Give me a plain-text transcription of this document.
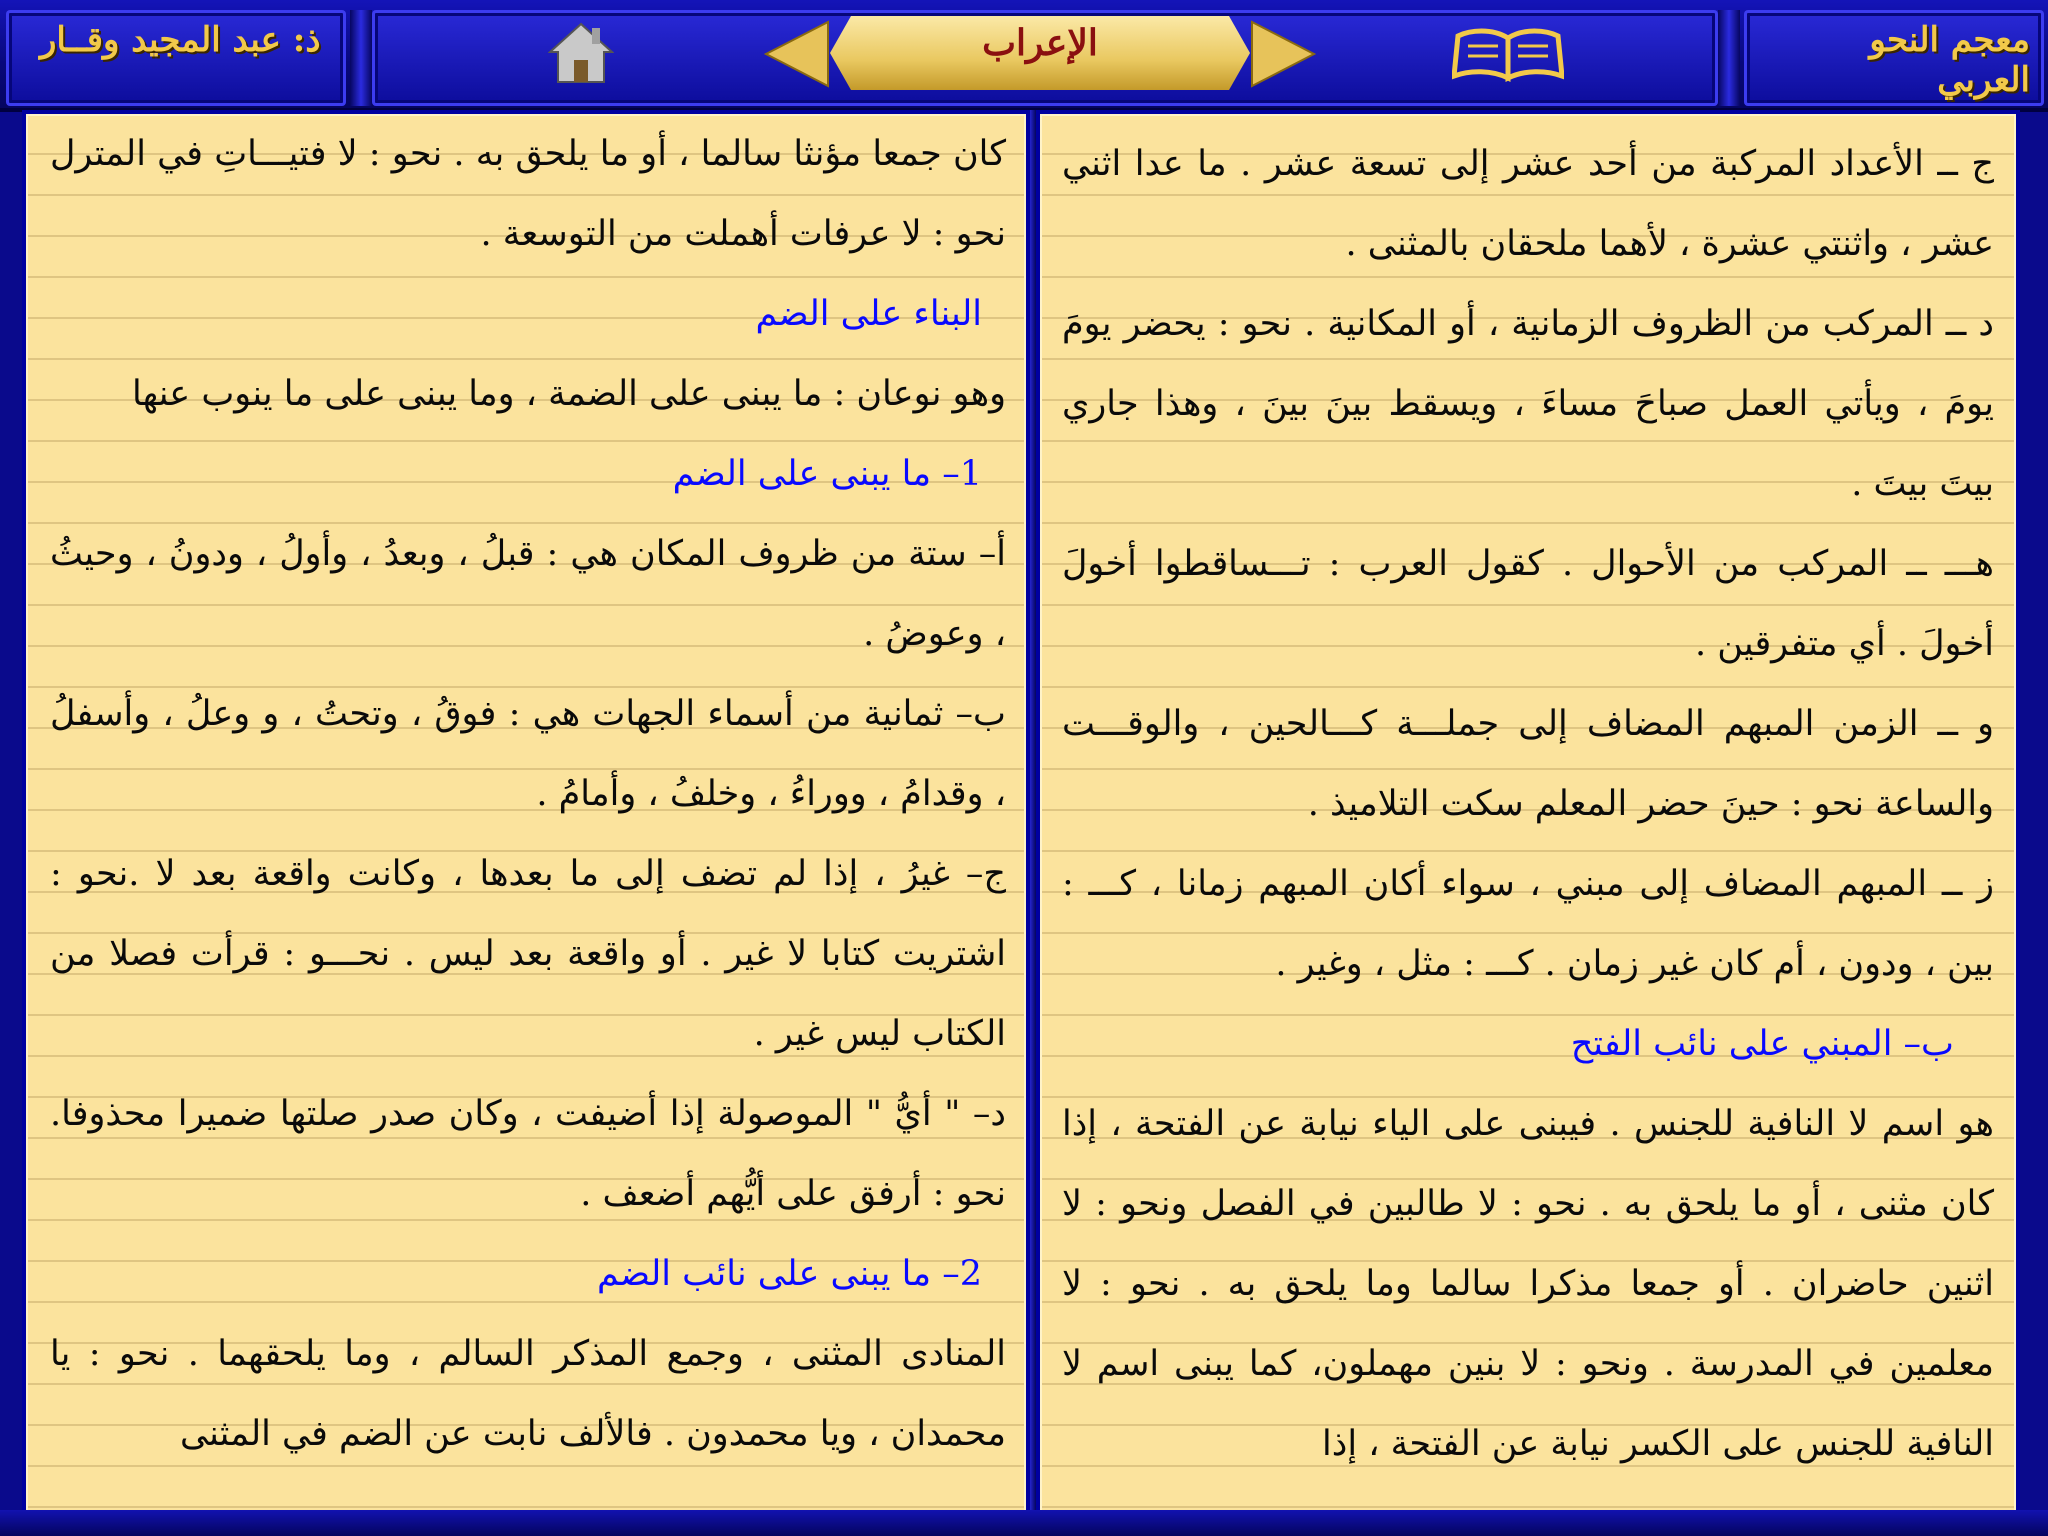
معجم النحو العربي
ذ: عبد المجيد وقــار	الإعراب

ج ــ الأعداد المركبة من أحد عشر إلى تسعة عشر . ما عدا اثني عشر ، واثنتي عشرة ، لأهما ملحقان بالمثنى .

د ــ المركب من الظروف الزمانية ، أو المكانية . نحو : يحضر يومَ يومَ ، ويأتي العمل صباحَ مساءَ ، ويسقط بينَ بينَ ، وهذا جاري بيتَ بيتَ .

هـــ ــ المركب من الأحوال . كقول العرب : تـــساقطوا أخولَ أخولَ . أي متفرقين .

و ــ الزمن المبهم المضاف إلى جملـــة كـــالحين ، والوقـــت والساعة نحو : حينَ حضر المعلم سكت التلاميذ .

ز ــ المبهم المضاف إلى مبني ، سواء أكان المبهم زمانا ، كـــ : بين ، ودون ، أم كان غير زمان . كـــ : مثل ، وغير .

ب– المبني على نائب الفتح

هو اسم لا النافية للجنس . فيبنى على الياء نيابة عن الفتحة ، إذا كان مثنى ، أو ما يلحق به . نحو : لا طالبين في الفصل ونحو : لا اثنين حاضران . أو جمعا مذكرا سالما وما يلحق به . نحو : لا معلمين في المدرسة . ونحو : لا بنين مهملون، كما يبنى اسم لا النافية للجنس على الكسر نيابة عن الفتحة ، إذا

كان جمعا مؤنثا سالما ، أو ما يلحق به . نحو : لا فتيـــاتِ في المترل نحو : لا عرفات أهملت من التوسعة .

البناء على الضم

وهو نوعان : ما يبنى على الضمة ، وما يبنى على ما ينوب عنها

1– ما يبنى على الضم

أ– ستة من ظروف المكان هي : قبلُ ، وبعدُ ، وأولُ ، ودونُ ، وحيثُ ، وعوضُ .

ب– ثمانية من أسماء الجهات هي : فوقُ ، وتحتُ ، و وعلُ ، وأسفلُ ، وقدامُ ، ووراءُ ، وخلفُ ، وأمامُ .

ج– غيرُ ، إذا لم تضف إلى ما بعدها ، وكانت واقعة بعد لا .نحو : اشتريت كتابا لا غير . أو واقعة بعد ليس . نحـــو : قرأت فصلا من الكتاب ليس غير .

د– " أيُّ " الموصولة إذا أضيفت ، وكان صدر صلتها ضميرا محذوفا. نحو : أرفق على أيُّهم أضعف .

2– ما يبنى على نائب الضم

المنادى المثنى ، وجمع المذكر السالم ، وما يلحقهما . نحو : يا محمدان ، ويا محمدون . فالألف نابت عن الضم في المثنى
